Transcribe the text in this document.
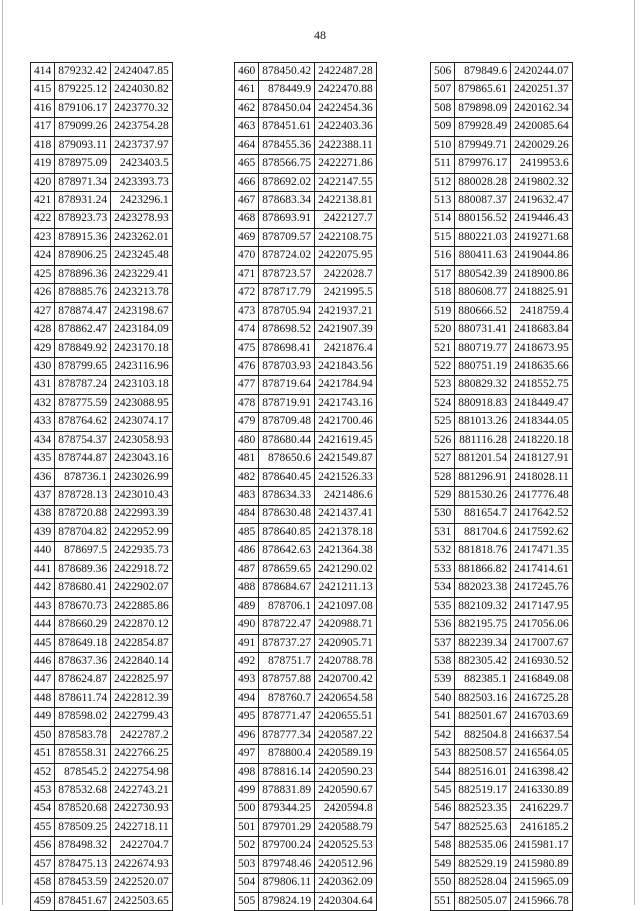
48
414	879232.42	2424047.85
415	879225.12	2424030.82
416	879106.17	2423770.32
417	879099.26	2423754.28
418	879093.11	2423737.97
419	878975.09	2423403.5
420	878971.34	2423393.73
421	878931.24	2423296.1
422	878923.73	2423278.93
423	878915.36	2423262.01
424	878906.25	2423245.48
425	878896.36	2423229.41
426	878885.76	2423213.78
427	878874.47	2423198.67
428	878862.47	2423184.09
429	878849.92	2423170.18
430	878799.65	2423116.96
431	878787.24	2423103.18
432	878775.59	2423088.95
433	878764.62	2423074.17
434	878754.37	2423058.93
435	878744.87	2423043.16
436	878736.1	2423026.99
437	878728.13	2423010.43
438	878720.88	2422993.39
439	878704.82	2422952.99
440	878697.5	2422935.73
441	878689.36	2422918.72
442	878680.41	2422902.07
443	878670.73	2422885.86
444	878660.29	2422870.12
445	878649.18	2422854.87
446	878637.36	2422840.14
447	878624.87	2422825.97
448	878611.74	2422812.39
449	878598.02	2422799.43
450	878583.78	2422787.2
451	878558.31	2422766.25
452	878545.2	2422754.98
453	878532.68	2422743.21
454	878520.68	2422730.93
455	878509.25	2422718.11
456	878498.32	2422704.7
457	878475.13	2422674.93
458	878453.59	2422520.07
459	878451.67	2422503.65
460	878450.42	2422487.28
461	878449.9	2422470.88
462	878450.04	2422454.36
463	878451.61	2422403.36
464	878455.36	2422388.11
465	878566.75	2422271.86
466	878692.02	2422147.55
467	878683.34	2422138.81
468	878693.91	2422127.7
469	878709.57	2422108.75
470	878724.02	2422075.95
471	878723.57	2422028.7
472	878717.79	2421995.5
473	878705.94	2421937.21
474	878698.52	2421907.39
475	878698.41	2421876.4
476	878703.93	2421843.56
477	878719.64	2421784.94
478	878719.91	2421743.16
479	878709.48	2421700.46
480	878680.44	2421619.45
481	878650.6	2421549.87
482	878640.45	2421526.33
483	878634.33	2421486.6
484	878630.48	2421437.41
485	878640.85	2421378.18
486	878642.63	2421364.38
487	878659.65	2421290.02
488	878684.67	2421211.13
489	878706.1	2421097.08
490	878722.47	2420988.71
491	878737.27	2420905.71
492	878751.7	2420788.78
493	878757.88	2420700.42
494	878760.7	2420654.58
495	878771.47	2420655.51
496	878777.34	2420587.22
497	878800.4	2420589.19
498	878816.14	2420590.23
499	878831.89	2420590.67
500	879344.25	2420594.8
501	879701.29	2420588.79
502	879700.24	2420525.53
503	879748.46	2420512.96
504	879806.11	2420362.09
505	879824.19	2420304.64
506	879849.6	2420244.07
507	879865.61	2420251.37
508	879898.09	2420162.34
509	879928.49	2420085.64
510	879949.71	2420029.26
511	879976.17	2419953.6
512	880028.28	2419802.32
513	880087.37	2419632.47
514	880156.52	2419446.43
515	880221.03	2419271.68
516	880411.63	2419044.86
517	880542.39	2418900.86
518	880608.77	2418825.91
519	880666.52	2418759.4
520	880731.41	2418683.84
521	880719.77	2418673.95
522	880751.19	2418635.66
523	880829.32	2418552.75
524	880918.83	2418449.47
525	881013.26	2418344.05
526	881116.28	2418220.18
527	881201.54	2418127.91
528	881296.91	2418028.11
529	881530.26	2417776.48
530	881654.7	2417642.52
531	881704.6	2417592.62
532	881818.76	2417471.35
533	881866.82	2417414.61
534	882023.38	2417245.76
535	882109.32	2417147.95
536	882195.75	2417056.06
537	882239.34	2417007.67
538	882305.42	2416930.52
539	882385.1	2416849.08
540	882503.16	2416725.28
541	882501.67	2416703.69
542	882504.8	2416637.54
543	882508.57	2416564.05
544	882516.01	2416398.42
545	882519.17	2416330.89
546	882523.35	2416229.7
547	882525.63	2416185.2
548	882535.06	2415981.17
549	882529.19	2415980.89
550	882528.04	2415965.09
551	882505.07	2415966.78
